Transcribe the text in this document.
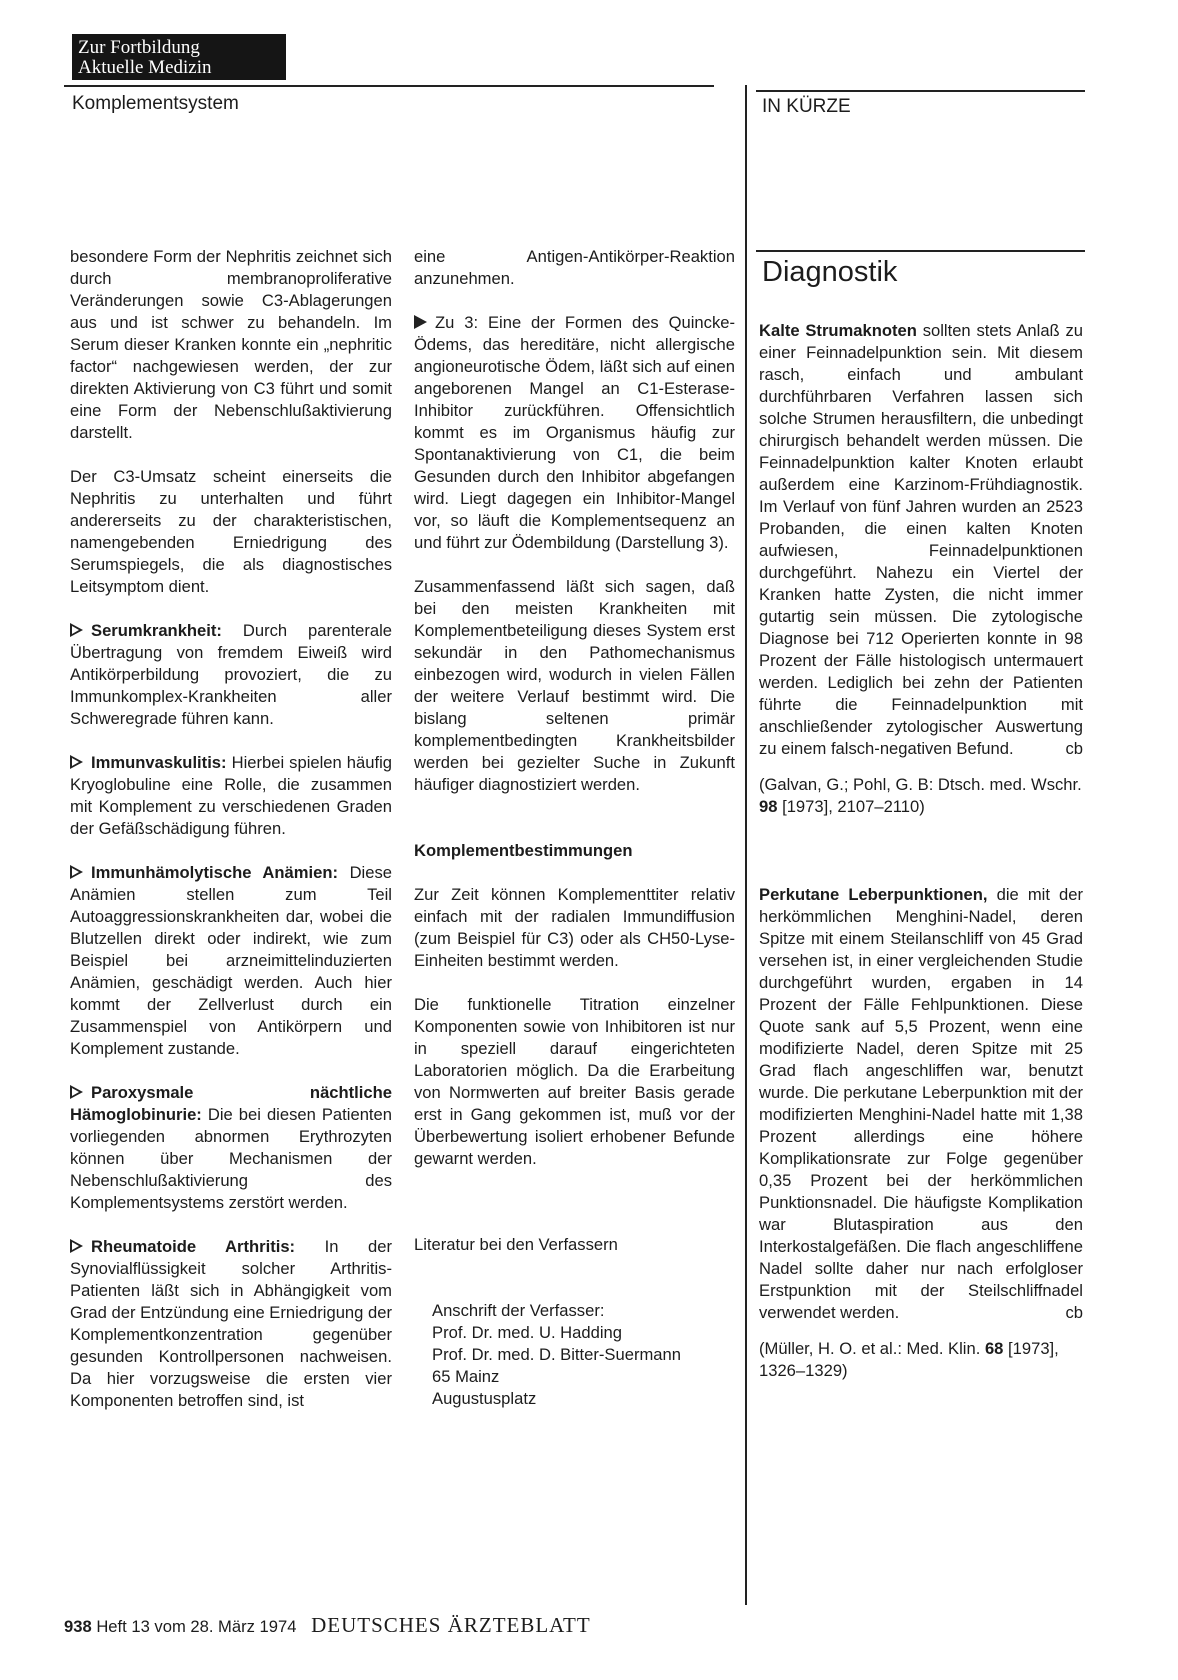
Zur Fortbildung
Aktuelle Medizin
Komplementsystem	IN KÜRZE

besondere Form der Nephritis zeichnet sich durch membranoproliferative Veränderungen sowie C3-Ablagerungen aus und ist schwer zu behandeln. Im Serum dieser Kranken konnte ein „nephritic factor“ nachgewiesen werden, der zur direkten Aktivierung von C3 führt und somit eine Form der Nebenschlußaktivierung darstellt.

Der C3-Umsatz scheint einerseits die Nephritis zu unterhalten und führt andererseits zu der charakteristischen, namengebenden Erniedrigung des Serumspiegels, die als diagnostisches Leitsymptom dient.

Serumkrankheit: Durch parenterale Übertragung von fremdem Eiweiß wird Antikörperbildung provoziert, die zu Immunkomplex-Krankheiten aller Schweregrade führen kann.

Immunvaskulitis: Hierbei spielen häufig Kryoglobuline eine Rolle, die zusammen mit Komplement zu verschiedenen Graden der Gefäßschädigung führen.

Immunhämolytische Anämien: Diese Anämien stellen zum Teil Autoaggressionskrankheiten dar, wobei die Blutzellen direkt oder indirekt, wie zum Beispiel bei arzneimittelinduzierten Anämien, geschädigt werden. Auch hier kommt der Zellverlust durch ein Zusammenspiel von Antikörpern und Komplement zustande.

Paroxysmale nächtliche Hämoglobinurie: Die bei diesen Patienten vorliegenden abnormen Erythrozyten können über Mechanismen der Nebenschlußaktivierung des Komplementsystems zerstört werden.

Rheumatoide Arthritis: In der Synovialflüssigkeit solcher Arthritis-Patienten läßt sich in Abhängigkeit vom Grad der Entzündung eine Erniedrigung der Komplementkonzentration gegenüber gesunden Kontrollpersonen nachweisen. Da hier vorzugsweise die ersten vier Komponenten betroffen sind, ist

eine Antigen-Antikörper-Reaktion anzunehmen.

Zu 3: Eine der Formen des Quincke-Ödems, das hereditäre, nicht allergische angioneurotische Ödem, läßt sich auf einen angeborenen Mangel an C1-Esterase-Inhibitor zurückführen. Offensichtlich kommt es im Organismus häufig zur Spontanaktivierung von C1, die beim Gesunden durch den Inhibitor abgefangen wird. Liegt dagegen ein Inhibitor-Mangel vor, so läuft die Komplementsequenz an und führt zur Ödembildung (Darstellung 3).

Zusammenfassend läßt sich sagen, daß bei den meisten Krankheiten mit Komplementbeteiligung dieses System erst sekundär in den Pathomechanismus einbezogen wird, wodurch in vielen Fällen der weitere Verlauf bestimmt wird. Die bislang seltenen primär komplementbedingten Krankheitsbilder werden bei gezielter Suche in Zukunft häufiger diagnostiziert werden.

Komplementbestimmungen

Zur Zeit können Komplementtiter relativ einfach mit der radialen Immundiffusion (zum Beispiel für C3) oder als CH50-Lyse-Einheiten bestimmt werden.

Die funktionelle Titration einzelner Komponenten sowie von Inhibitoren ist nur in speziell darauf eingerichteten Laboratorien möglich. Da die Erarbeitung von Normwerten auf breiter Basis gerade erst in Gang gekommen ist, muß vor der Überbewertung isoliert erhobener Befunde gewarnt werden.

Literatur bei den Verfassern

Anschrift der Verfasser:
Prof. Dr. med. U. Hadding
Prof. Dr. med. D. Bitter-Suermann
65 Mainz
Augustusplatz
Diagnostik

Kalte Strumaknoten sollten stets Anlaß zu einer Feinnadelpunktion sein. Mit diesem rasch, einfach und ambulant durchführbaren Verfahren lassen sich solche Strumen herausfiltern, die unbedingt chirurgisch behandelt werden müssen. Die Feinnadelpunktion kalter Knoten erlaubt außerdem eine Karzinom-Frühdiagnostik. Im Verlauf von fünf Jahren wurden an 2523 Probanden, die einen kalten Knoten aufwiesen, Feinnadelpunktionen durchgeführt. Nahezu ein Viertel der Kranken hatte Zysten, die nicht immer gutartig sein müssen. Die zytologische Diagnose bei 712 Operierten konnte in 98 Prozent der Fälle histologisch untermauert werden. Lediglich bei zehn der Patienten führte die Feinnadelpunktion mit anschließender zytologischer Auswertung zu einem falsch-negativen Befund.	cb

(Galvan, G.; Pohl, G. B: Dtsch. med. Wschr. 98 [1973], 2107–2110)

Perkutane Leberpunktionen, die mit der herkömmlichen Menghini-Nadel, deren Spitze mit einem Steilanschliff von 45 Grad versehen ist, in einer vergleichenden Studie durchgeführt wurden, ergaben in 14 Prozent der Fälle Fehlpunktionen. Diese Quote sank auf 5,5 Prozent, wenn eine modifizierte Nadel, deren Spitze mit 25 Grad flach angeschliffen war, benutzt wurde. Die perkutane Leberpunktion mit der modifizierten Menghini-Nadel hatte mit 1,38 Prozent allerdings eine höhere Komplikationsrate zur Folge gegenüber 0,35 Prozent bei der herkömmlichen Punktionsnadel. Die häufigste Komplikation war Blutaspiration aus den Interkostalgefäßen. Die flach angeschliffene Nadel sollte daher nur nach erfolgloser Erstpunktion mit der Steilschliffnadel verwendet werden.	cb

(Müller, H. O. et al.: Med. Klin. 68 [1973], 1326–1329)

938 Heft 13 vom 28. März 1974 DEUTSCHES ÄRZTEBLATT
